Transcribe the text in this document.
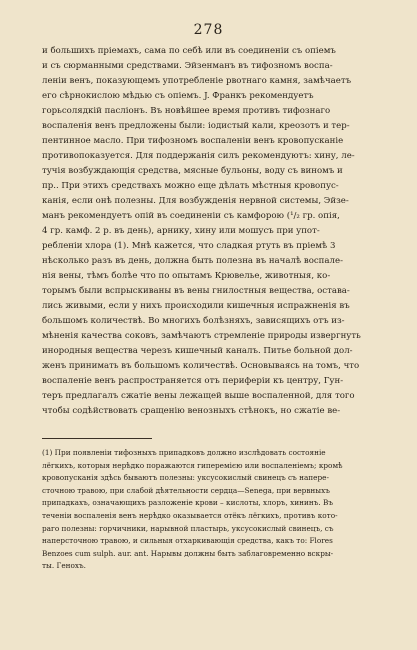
278
и большихъ пріемахъ, сама по себѣ или въ соединеніи съ опіемъ
и съ сюрманными средствами. Эйзенманъ въ тифозномъ воспа-
леніи венъ, показующемъ употребленіе рвотнаго камня, замѣчаетъ
его сѣрнокислою мѣдью съ опіемъ. J. Франкъ рекомендуетъ
горьсолядкій пасліонъ. Въ новѣйшее время противъ тифознаго
воспаленія венъ предложены были: іодистый кали, креозотъ и тер-
пентинное масло. При тифозномъ воспаленіи венъ кровопусканіе
противопоказуется. Для поддержанія силъ рекомендуютъ: хину, ле-
тучія возбуждающія средства, мясные бульоны, воду съ виномъ и
пр.. При этихъ средствахъ можно еще дѣлать мѣстныя кровопус-
канія, если онѣ полезны. Для возбужденія нервной системы, Эйзе-
манъ рекомендуетъ опій въ соединеніи съ камфорою (¹/₂ гр. опія,
4 гр. камф. 2 р. въ день), арнику, хину или мошусъ при упот-
ребленіи хлора (1). Мнѣ кажется, что сладкая ртуть въ пріемѣ 3
нѣсколько разъ въ день, должна быть полезна въ началѣ воспале-
нія вены, тѣмъ болѣе что по опытамъ Крювелье, животныя, ко-
торымъ были вспрыскиваны въ вены гнилостныя вещества, остава-
лись живыми, если у нихъ происходили кишечныя испражненія въ
большомъ количествѣ. Во многихъ болѣзняхъ, зависящихъ отъ из-
мѣненія качества соковъ, замѣчаютъ стремленіе природы извергнуть
инородныя вещества черезъ кишечный каналъ. Питье больной дол-
женъ принимать въ большомъ количествѣ. Основываясь на томъ, что
воспаленіе венъ распространяется отъ периферіи къ центру, Гун-
теръ предлагалъ сжатіе вены лежащей выше воспаленной, для того
чтобы содѣйствовать сращенію венозныхъ стѣнокъ, но сжатіе ве-
(1) При появленіи тифозныхъ припадковъ должно изслѣдовать состояніе
лёгкихъ, которыя нерѣдко поражаются гиперемією или воспаленіемъ; кромѣ
кровопусканія здѣсь бываютъ полезны: уксусокислый свинецъ съ напере-
сточною травою, при слабой дѣятельности сердца—Senega, при вервныхъ
припадкахъ, означающихъ разложеніе крови – кислоты, хлоръ, хининъ. Въ
теченіи воспаленія венъ нерѣдко оказывается отёкъ лёгкихъ, противъ кото-
раго полезны: горчичники, нарывной пластырь, уксусокислый свинецъ, съ
наперсточною травою, и сильныя отхаркивающія средства, какъ то: Flores
Benzoes cum sulph. aur. ant. Нарывы должны быть заблаговременно вскры-
ты. Генохъ.
